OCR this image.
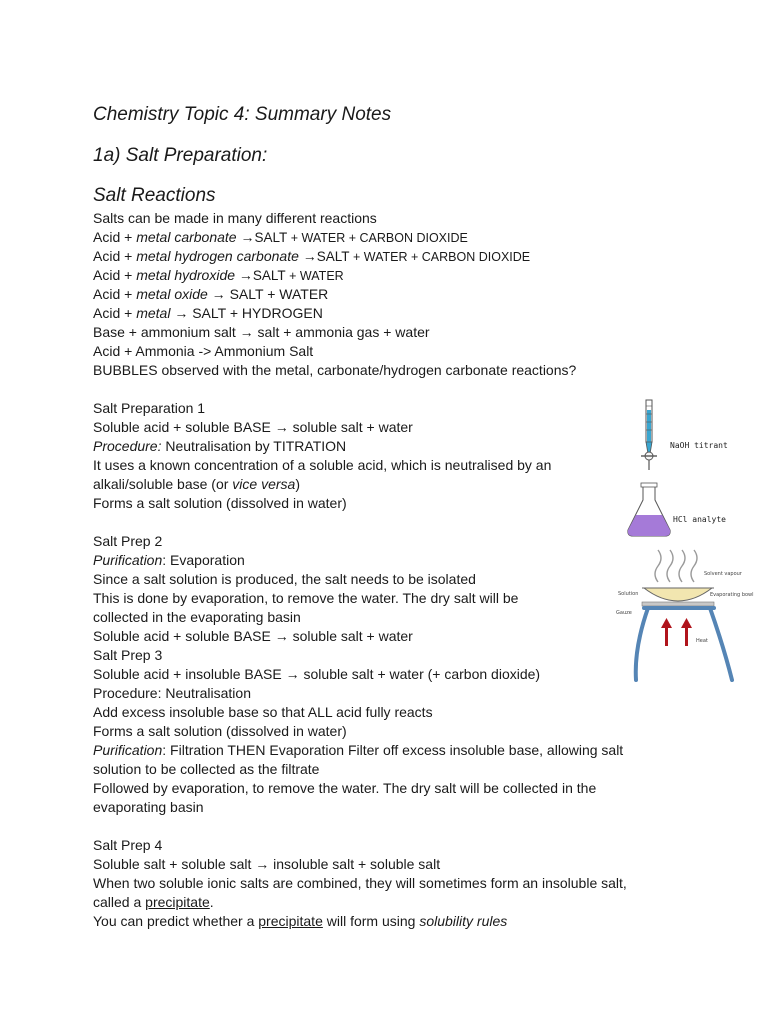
Chemistry Topic 4: Summary Notes
1a) Salt Preparation:
Salt Reactions
Salts can be made in many different reactions
Acid + metal carbonate →SALT + WATER + CARBON DIOXIDE
Acid + metal hydrogen carbonate →SALT + WATER + CARBON DIOXIDE
Acid + metal hydroxide →SALT + WATER
Acid + metal oxide → SALT + WATER
Acid + metal → SALT + HYDROGEN
Base + ammonium salt → salt + ammonia gas + water
Acid + Ammonia -> Ammonium Salt
BUBBLES observed with the metal, carbonate/hydrogen carbonate reactions?
Salt Preparation 1
Soluble acid + soluble BASE → soluble salt + water
Procedure: Neutralisation by TITRATION
It uses a known concentration of a soluble acid, which is neutralised by an
alkali/soluble base (or vice versa)
Forms a salt solution (dissolved in water)
Salt Prep 2
Purification: Evaporation
Since a salt solution is produced, the salt needs to be isolated
This is done by evaporation, to remove the water. The dry salt will be
collected in the evaporating basin
Soluble acid + soluble BASE → soluble salt + water
Salt Prep 3
Soluble acid + insoluble BASE → soluble salt + water (+ carbon dioxide)
Procedure: Neutralisation
Add excess insoluble base so that ALL acid fully reacts
Forms a salt solution (dissolved in water)
Purification: Filtration THEN Evaporation Filter off excess insoluble base, allowing salt
solution to be collected as the filtrate
Followed by evaporation, to remove the water. The dry salt will be collected in the
evaporating basin
Salt Prep 4
Soluble salt + soluble salt → insoluble salt + soluble salt
When two soluble ionic salts are combined, they will sometimes form an insoluble salt,
called a precipitate.
You can predict whether a precipitate will form using solubility rules
NaOH titrant
HCl analyte
Solvent vapour
Solution	Evaporating bowl
Gauze
Heat
